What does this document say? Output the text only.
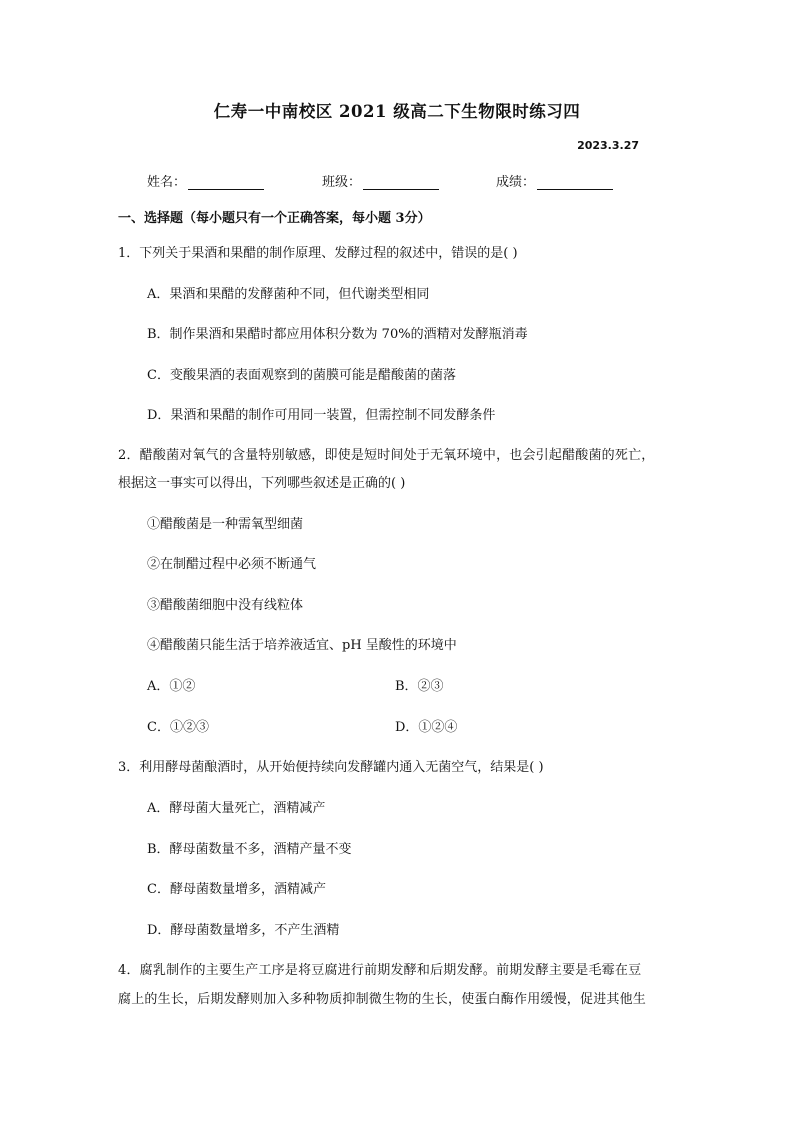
仁寿一中南校区 2021 级高二下生物限时练习四
2023.3.27
姓名：	班级：	成绩：
一、选择题（每小题只有一个正确答案，每小题 3分）
1．下列关于果酒和果醋的制作原理、发酵过程的叙述中，错误的是( )
A．果酒和果醋的发酵菌种不同，但代谢类型相同
B．制作果酒和果醋时都应用体积分数为 70%的酒精对发酵瓶消毒
C．变酸果酒的表面观察到的菌膜可能是醋酸菌的菌落
D．果酒和果醋的制作可用同一装置，但需控制不同发酵条件
2．醋酸菌对氧气的含量特别敏感，即使是短时间处于无氧环境中，也会引起醋酸菌的死亡，
根据这一事实可以得出，下列哪些叙述是正确的( )
①醋酸菌是一种需氧型细菌
②在制醋过程中必须不断通气
③醋酸菌细胞中没有线粒体
④醋酸菌只能生活于培养液适宜、pH 呈酸性的环境中
A．①②	B．②③
C．①②③	D．①②④
3．利用酵母菌酿酒时，从开始便持续向发酵罐内通入无菌空气，结果是( )
A．酵母菌大量死亡，酒精减产
B．酵母菌数量不多，酒精产量不变
C．酵母菌数量增多，酒精减产
D．酵母菌数量增多，不产生酒精
4．腐乳制作的主要生产工序是将豆腐进行前期发酵和后期发酵。前期发酵主要是毛霉在豆
腐上的生长，后期发酵则加入多种物质抑制微生物的生长，使蛋白酶作用缓慢，促进其他生
